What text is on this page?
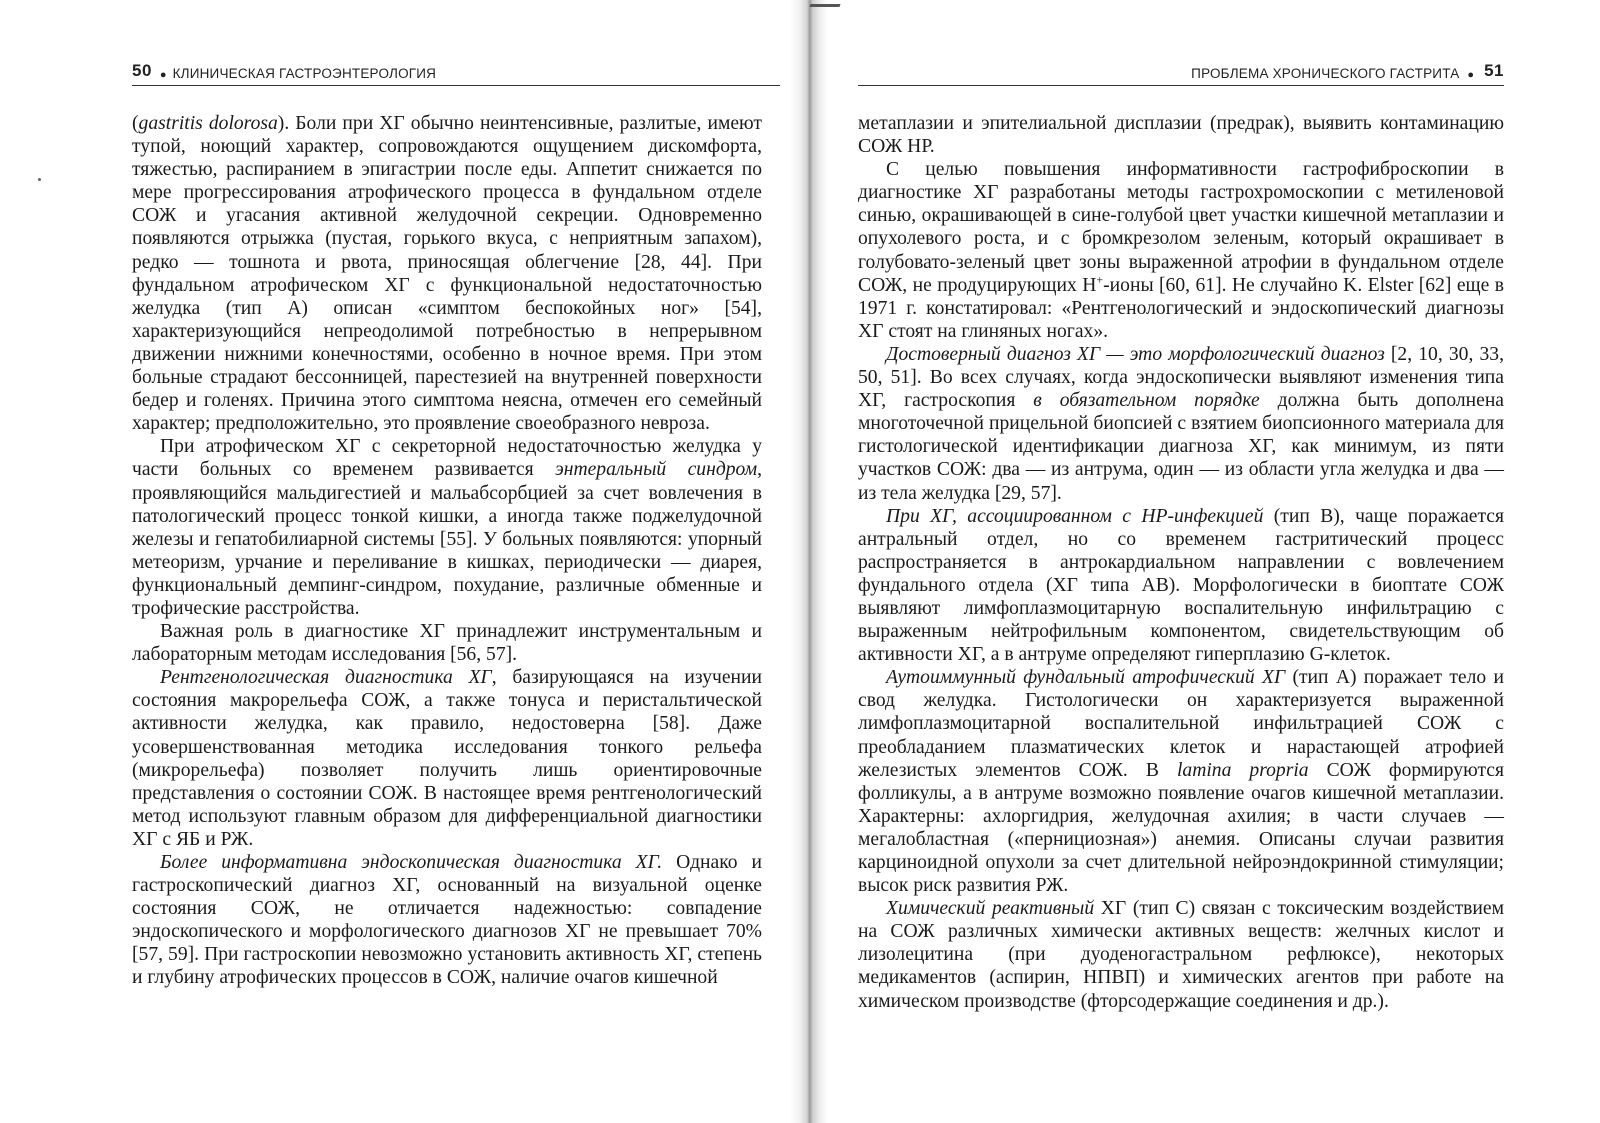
50 ● КЛИНИЧЕСКАЯ ГАСТРОЭНТЕРОЛОГИЯ

(gastritis dolorosa). Боли при ХГ обычно неинтенсивные, разлитые, имеют тупой, ноющий характер, сопровождаются ощущением дискомфорта, тяжестью, распиранием в эпигастрии после еды. Аппетит снижается по мере прогрессирования атрофического процесса в фундальном отделе СОЖ и угасания активной желудочной секреции. Одновременно появляются отрыжка (пустая, горького вкуса, с неприятным запахом), редко — тошнота и рвота, приносящая облегчение [28, 44]. При фундальном атрофическом ХГ с функциональной недостаточностью желудка (тип А) описан «симптом беспокойных ног» [54], характеризующийся непреодолимой потребностью в непрерывном движении нижними конечностями, особенно в ночное время. При этом больные страдают бессонницей, парестезией на внутренней поверхности бедер и голенях. Причина этого симптома неясна, отмечен его семейный характер; предположительно, это проявление своеобразного невроза.

При атрофическом ХГ с секреторной недостаточностью желудка у части больных со временем развивается энтеральный синдром, проявляющийся мальдигестией и мальабсорбцией за счет вовлечения в патологический процесс тонкой кишки, а иногда также поджелудочной железы и гепатобилиарной системы [55]. У больных появляются: упорный метеоризм, урчание и переливание в кишках, периодически — диарея, функциональный демпинг-синдром, похудание, различные обменные и трофические расстройства.

Важная роль в диагностике ХГ принадлежит инструментальным и лабораторным методам исследования [56, 57].

Рентгенологическая диагностика ХГ, базирующаяся на изучении состояния макрорельефа СОЖ, а также тонуса и перистальтической активности желудка, как правило, недостоверна [58]. Даже усовершенствованная методика исследования тонкого рельефа (микрорельефа) позволяет получить лишь ориентировочные представления о состоянии СОЖ. В настоящее время рентгенологический метод используют главным образом для дифференциальной диагностики ХГ с ЯБ и РЖ.

Более информативна эндоскопическая диагностика ХГ. Однако и гастроскопический диагноз ХГ, основанный на визуальной оценке состояния СОЖ, не отличается надежностью: совпадение эндоскопического и морфологического диагнозов ХГ не превышает 70% [57, 59]. При гастроскопии невозможно установить активность ХГ, степень и глубину атрофических процессов в СОЖ, наличие очагов кишечной

ПРОБЛЕМА ХРОНИЧЕСКОГО ГАСТРИТА ● 51

метаплазии и эпителиальной дисплазии (предрак), выявить контаминацию СОЖ НР.

С целью повышения информативности гастрофиброскопии в диагностике ХГ разработаны методы гастрохромоскопии с метиленовой синью, окрашивающей в сине-голубой цвет участки кишечной метаплазии и опухолевого роста, и с бромкрезолом зеленым, который окрашивает в голубовато-зеленый цвет зоны выраженной атрофии в фундальном отделе СОЖ, не продуцирующих Н+-ионы [60, 61]. Не случайно K. Elster [62] еще в 1971 г. констатировал: «Рентгенологический и эндоскопический диагнозы ХГ стоят на глиняных ногах».

Достоверный диагноз ХГ — это морфологический диагноз [2, 10, 30, 33, 50, 51]. Во всех случаях, когда эндоскопически выявляют изменения типа ХГ, гастроскопия в обязательном порядке должна быть дополнена многоточечной прицельной биопсией с взятием биопсионного материала для гистологической идентификации диагноза ХГ, как минимум, из пяти участков СОЖ: два — из антрума, один — из области угла желудка и два — из тела желудка [29, 57].

При ХГ, ассоциированном с НР-инфекцией (тип В), чаще поражается антральный отдел, но со временем гастритический процесс распространяется в антрокардиальном направлении с вовлечением фундального отдела (ХГ типа АВ). Морфологически в биоптате СОЖ выявляют лимфоплазмоцитарную воспалительную инфильтрацию с выраженным нейтрофильным компонентом, свидетельствующим об активности ХГ, а в антруме определяют гиперплазию G-клеток.

Аутоиммунный фундальный атрофический ХГ (тип А) поражает тело и свод желудка. Гистологически он характеризуется выраженной лимфоплазмоцитарной воспалительной инфильтрацией СОЖ с преобладанием плазматических клеток и нарастающей атрофией железистых элементов СОЖ. В lamina propria СОЖ формируются фолликулы, а в антруме возможно появление очагов кишечной метаплазии. Характерны: ахлоргидрия, желудочная ахилия; в части случаев — мегалобластная («пернициозная») анемия. Описаны случаи развития карциноидной опухоли за счет длительной нейроэндокринной стимуляции; высок риск развития РЖ.

Химический реактивный ХГ (тип С) связан с токсическим воздействием на СОЖ различных химически активных веществ: желчных кислот и лизолецитина (при дуоденогастральном рефлюксе), некоторых медикаментов (аспирин, НПВП) и химических агентов при работе на химическом производстве (фторсодержащие соединения и др.).
